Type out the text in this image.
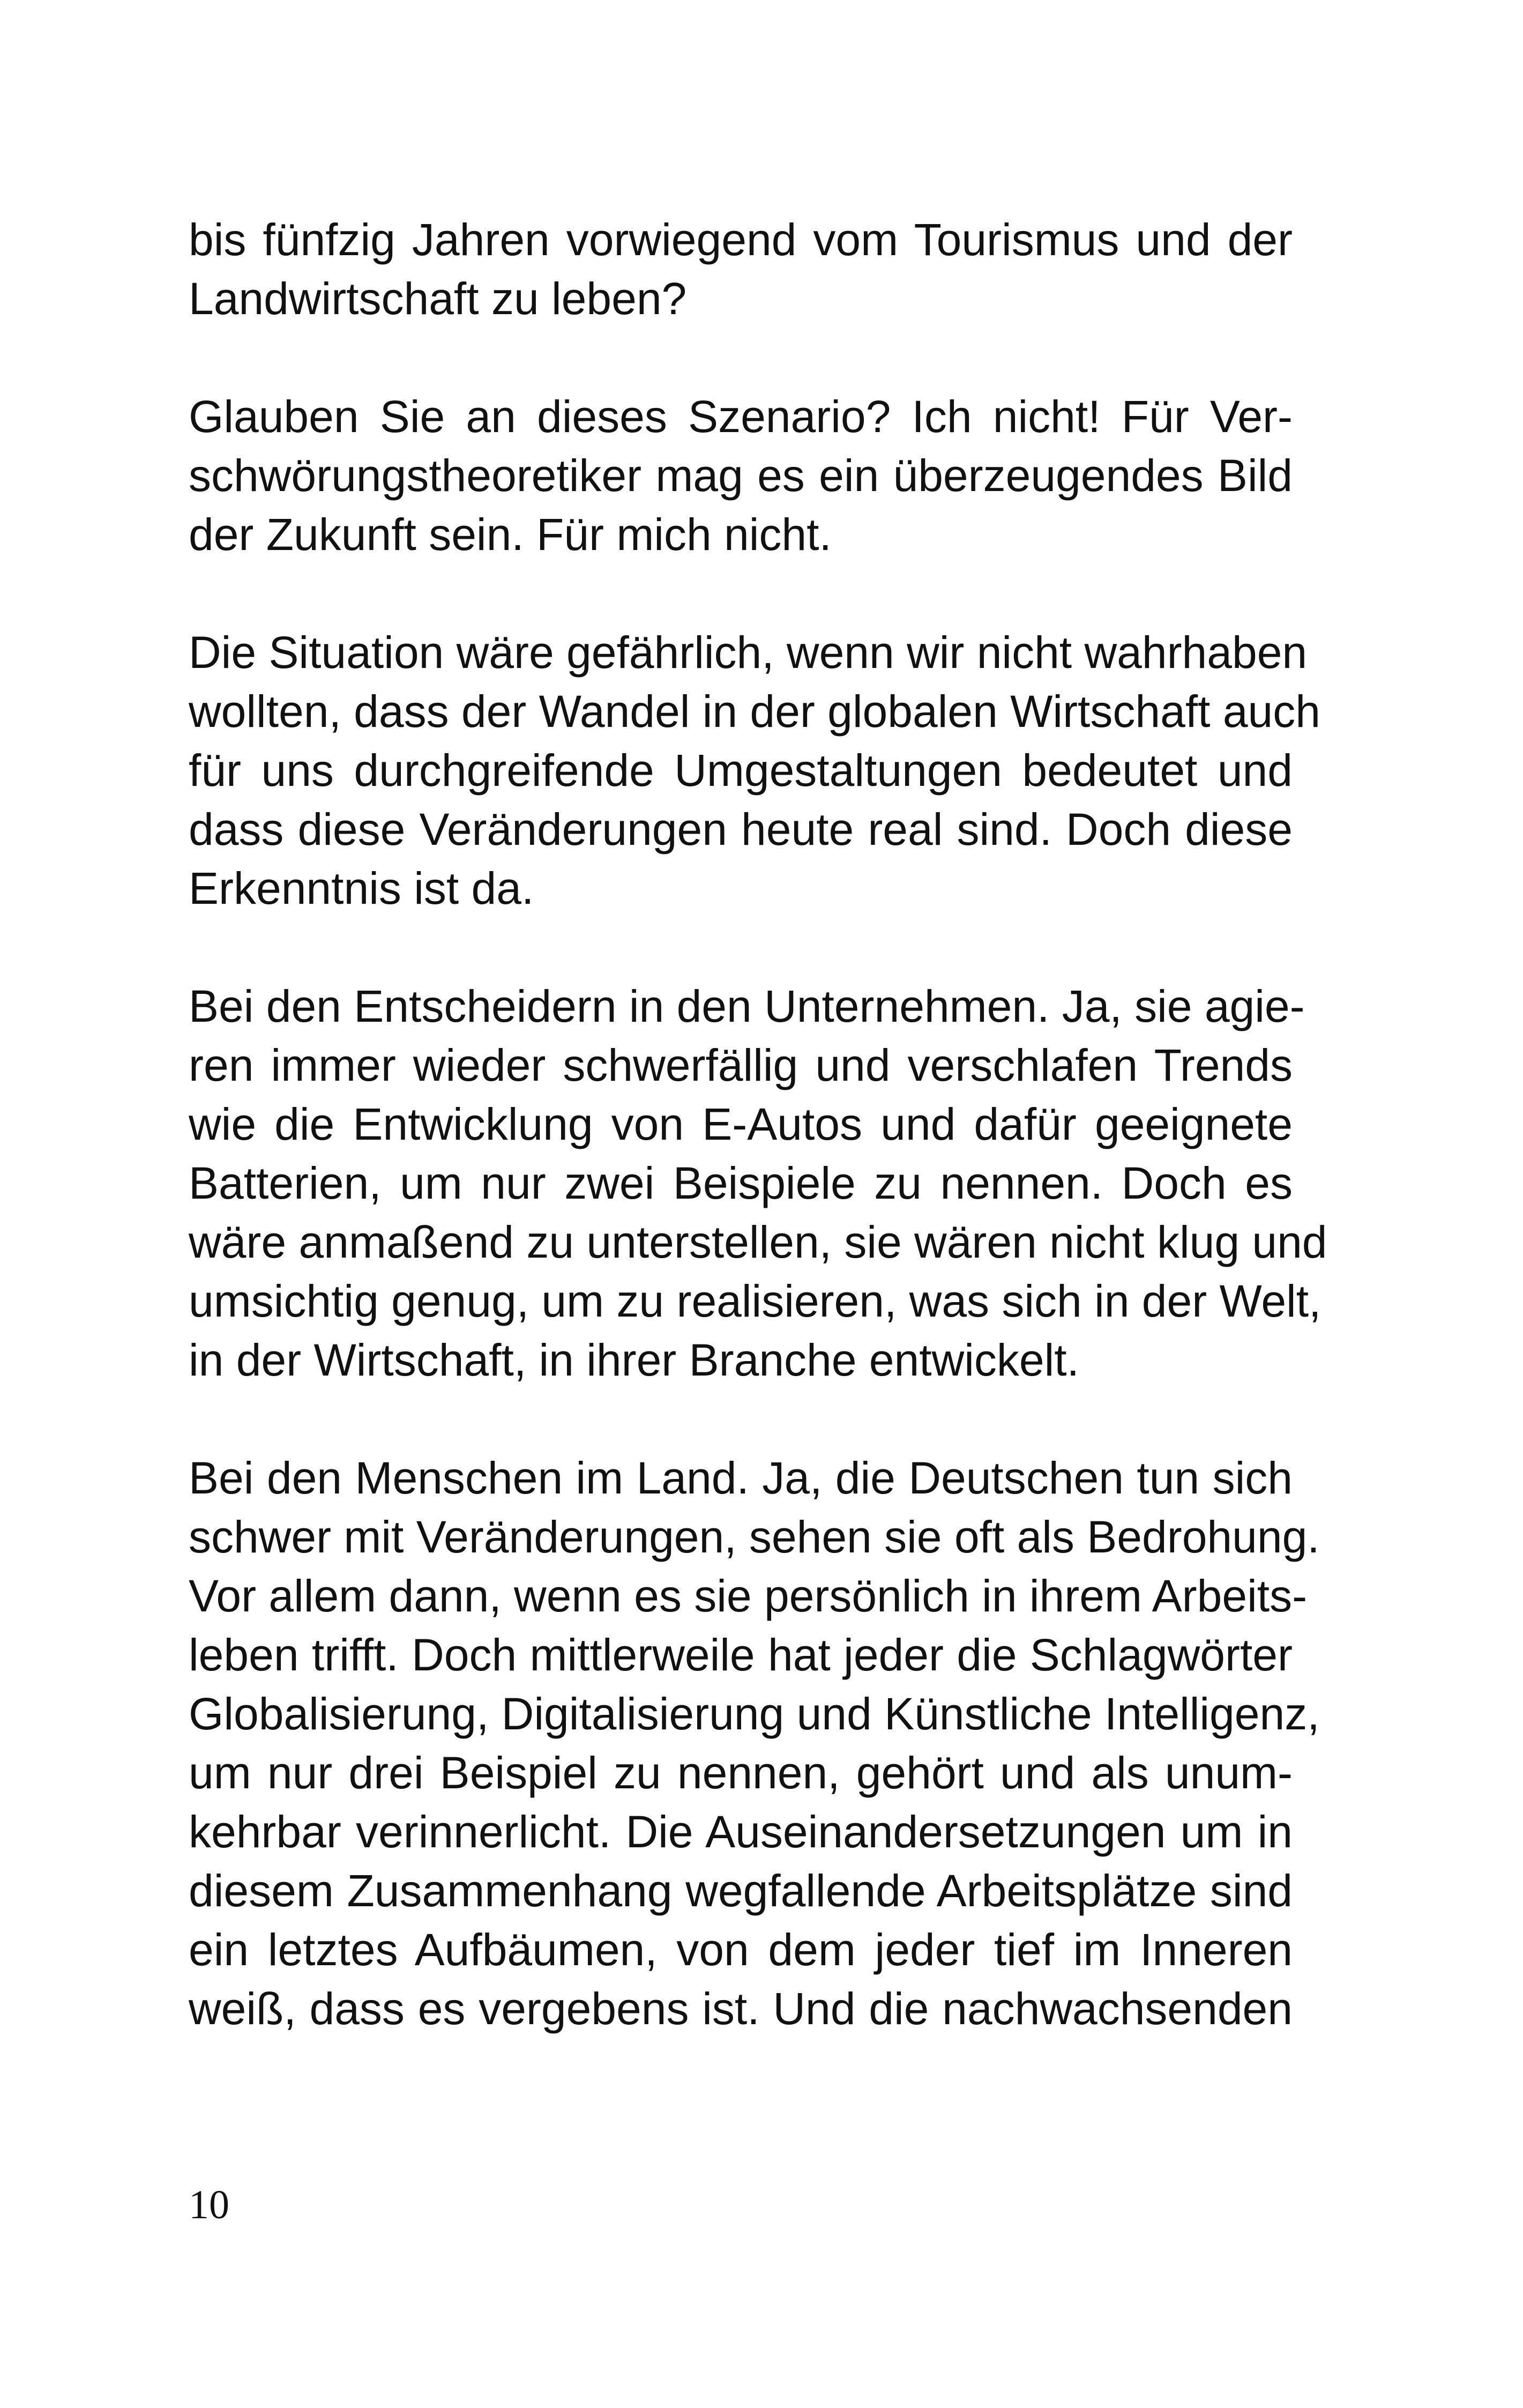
bis fünfzig Jahren vorwiegend vom Tourismus und der
Landwirtschaft zu leben?

Glauben Sie an dieses Szenario? Ich nicht! Für Ver-
schwörungstheoretiker mag es ein überzeugendes Bild
der Zukunft sein. Für mich nicht.

Die Situation wäre gefährlich, wenn wir nicht wahrhaben
wollten, dass der Wandel in der globalen Wirtschaft auch
für uns durchgreifende Umgestaltungen bedeutet und
dass diese Veränderungen heute real sind. Doch diese
Erkenntnis ist da.

Bei den Entscheidern in den Unternehmen. Ja, sie agie-
ren immer wieder schwerfällig und verschlafen Trends
wie die Entwicklung von E-Autos und dafür geeignete
Batterien, um nur zwei Beispiele zu nennen. Doch es
wäre anmaßend zu unterstellen, sie wären nicht klug und
umsichtig genug, um zu realisieren, was sich in der Welt,
in der Wirtschaft, in ihrer Branche entwickelt.

Bei den Menschen im Land. Ja, die Deutschen tun sich
schwer mit Veränderungen, sehen sie oft als Bedrohung.
Vor allem dann, wenn es sie persönlich in ihrem Arbeits-
leben trifft. Doch mittlerweile hat jeder die Schlagwörter
Globalisierung, Digitalisierung und Künstliche Intelligenz,
um nur drei Beispiel zu nennen, gehört und als unum-
kehrbar verinnerlicht. Die Auseinandersetzungen um in
diesem Zusammenhang wegfallende Arbeitsplätze sind
ein letztes Aufbäumen, von dem jeder tief im Inneren
weiß, dass es vergebens ist. Und die nachwachsenden

10
